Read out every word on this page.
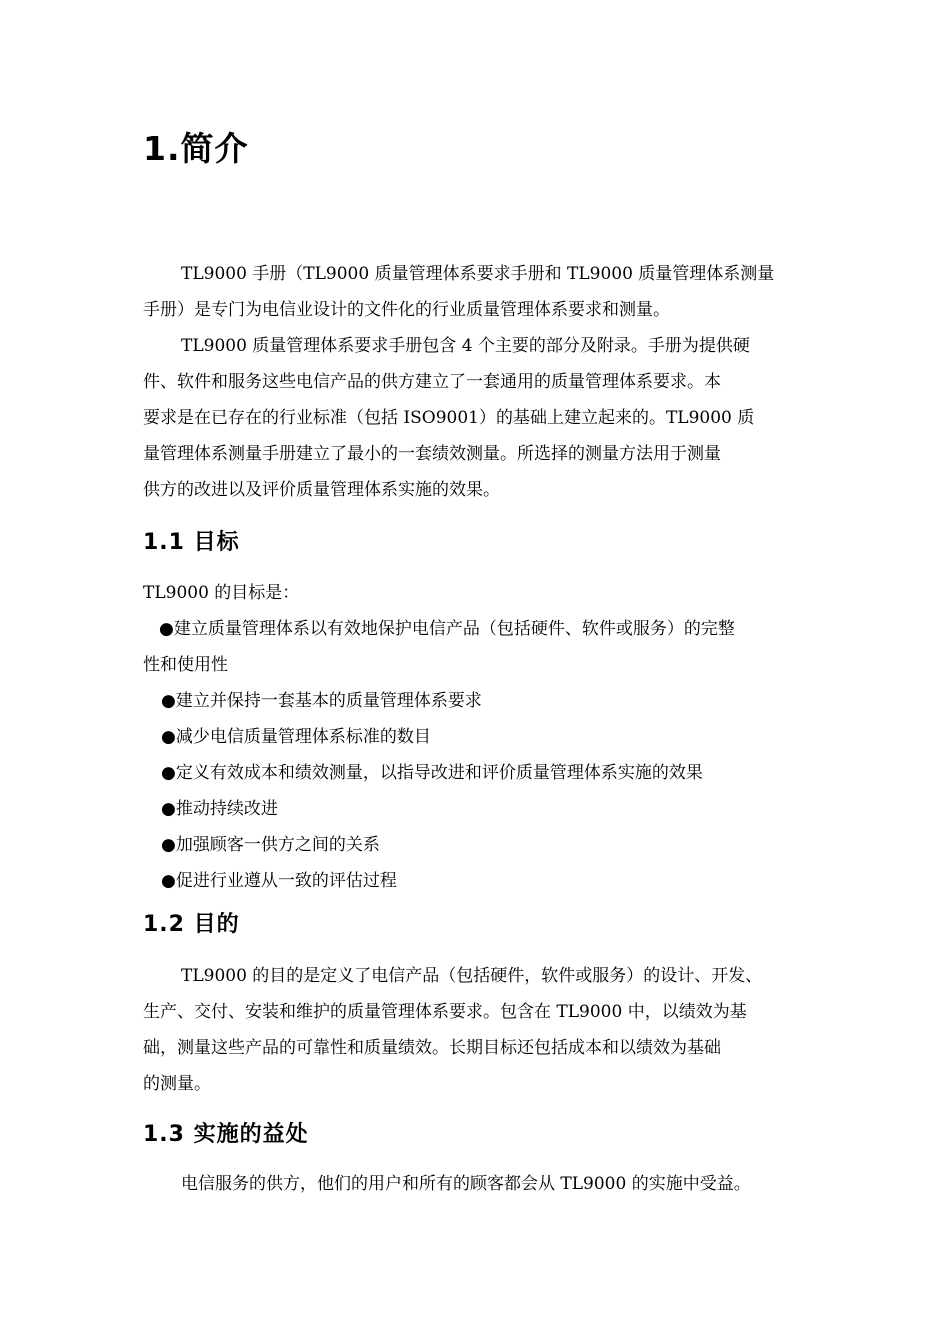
1.简介
TL9000 手册（TL9000 质量管理体系要求手册和 TL9000 质量管理体系测量
手册）是专门为电信业设计的文件化的行业质量管理体系要求和测量。
TL9000 质量管理体系要求手册包含 4 个主要的部分及附录。手册为提供硬
件、软件和服务这些电信产品的供方建立了一套通用的质量管理体系要求。本
要求是在已存在的行业标准（包括 ISO9001）的基础上建立起来的。TL9000 质
量管理体系测量手册建立了最小的一套绩效测量。所选择的测量方法用于测量
供方的改进以及评价质量管理体系实施的效果。
1.1 目标
TL9000 的目标是：
●建立质量管理体系以有效地保护电信产品（包括硬件、软件或服务）的完整
性和使用性
●建立并保持一套基本的质量管理体系要求
●减少电信质量管理体系标准的数目
●定义有效成本和绩效测量，以指导改进和评价质量管理体系实施的效果
●推动持续改进
●加强顾客一供方之间的关系
●促进行业遵从一致的评估过程
1.2 目的
TL9000 的目的是定义了电信产品（包括硬件，软件或服务）的设计、开发、
生产、交付、安装和维护的质量管理体系要求。包含在 TL9000 中，以绩效为基
础，测量这些产品的可靠性和质量绩效。长期目标还包括成本和以绩效为基础
的测量。
1.3 实施的益处
电信服务的供方，他们的用户和所有的顾客都会从 TL9000 的实施中受益。
